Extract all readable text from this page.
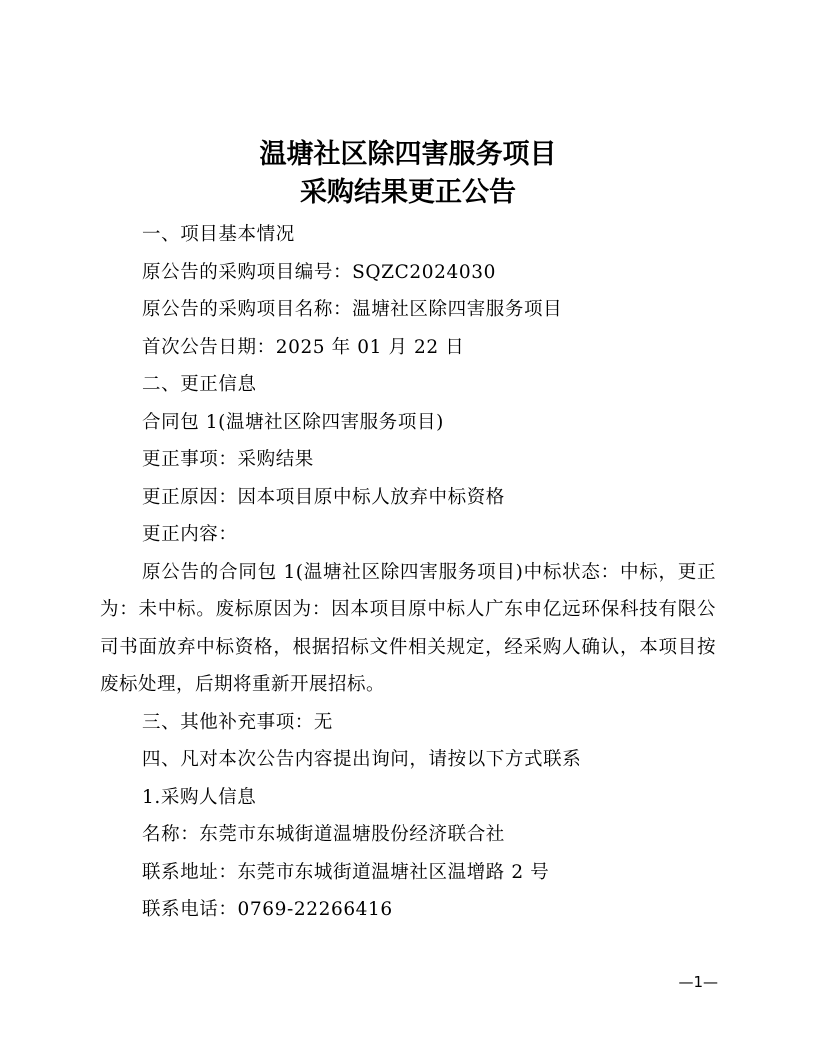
温塘社区除四害服务项目
采购结果更正公告
一、项目基本情况
原公告的采购项目编号：SQZC2024030
原公告的采购项目名称：温塘社区除四害服务项目
首次公告日期：2025 年 01 月 22 日
二、更正信息
合同包 1(温塘社区除四害服务项目)
更正事项：采购结果
更正原因：因本项目原中标人放弃中标资格
更正内容：
原公告的合同包 1(温塘社区除四害服务项目)中标状态：中标，更正为：未中标。废标原因为：因本项目原中标人广东申亿远环保科技有限公司书面放弃中标资格，根据招标文件相关规定，经采购人确认，本项目按废标处理，后期将重新开展招标。
三、其他补充事项：无
四、凡对本次公告内容提出询问，请按以下方式联系
1.采购人信息
名称：东莞市东城街道温塘股份经济联合社
联系地址：东莞市东城街道温塘社区温增路 2 号
联系电话：0769-22266416
—1—
